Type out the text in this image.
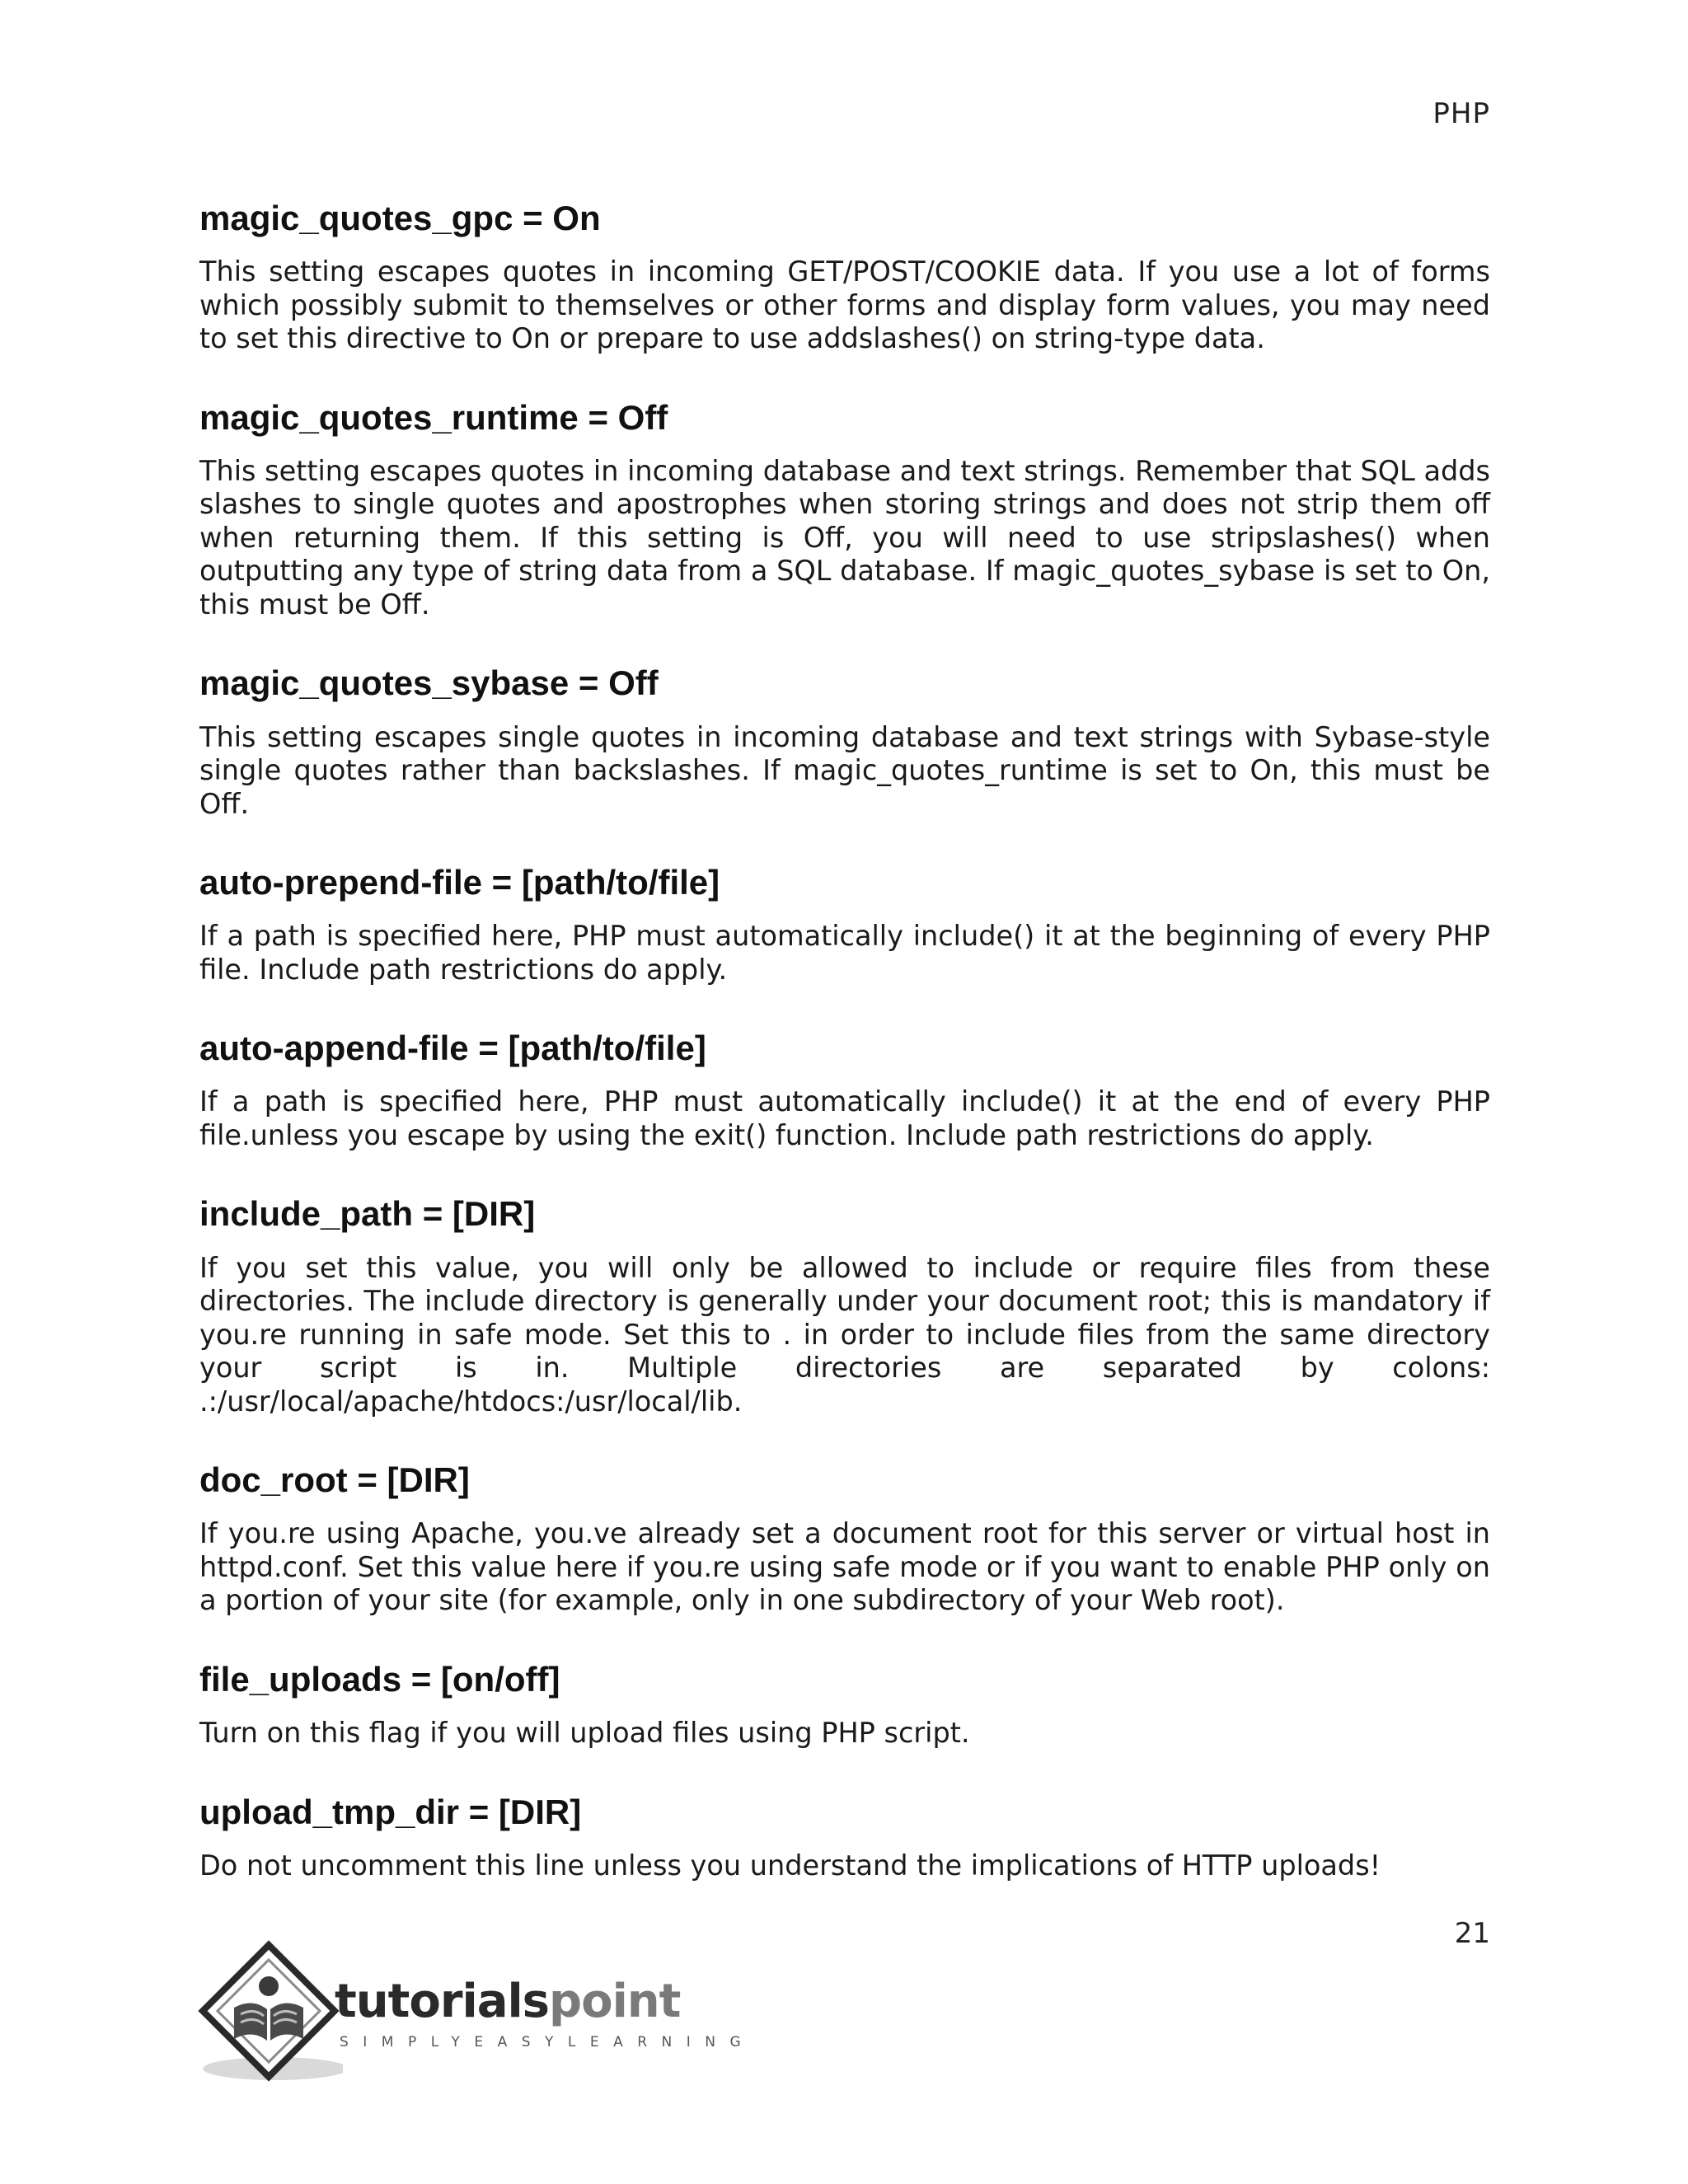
PHP
magic_quotes_gpc = On

This setting escapes quotes in incoming GET/POST/COOKIE data. If you use a lot of forms which possibly submit to themselves or other forms and display form values, you may need to set this directive to On or prepare to use addslashes() on string-type data.

magic_quotes_runtime = Off

This setting escapes quotes in incoming database and text strings. Remember that SQL adds slashes to single quotes and apostrophes when storing strings and does not strip them off when returning them. If this setting is Off, you will need to use stripslashes() when outputting any type of string data from a SQL database. If magic_quotes_sybase is set to On, this must be Off.

magic_quotes_sybase = Off

This setting escapes single quotes in incoming database and text strings with Sybase-style single quotes rather than backslashes. If magic_quotes_runtime is set to On, this must be Off.

auto-prepend-file = [path/to/file]

If a path is specified here, PHP must automatically include() it at the beginning of every PHP file. Include path restrictions do apply.

auto-append-file = [path/to/file]

If a path is specified here, PHP must automatically include() it at the end of every PHP file.unless you escape by using the exit() function. Include path restrictions do apply.

include_path = [DIR]

If you set this value, you will only be allowed to include or require files from these directories. The include directory is generally under your document root; this is mandatory if you.re running in safe mode. Set this to . in order to include files from the same directory your script is in. Multiple directories are separated by colons: .:/usr/local/apache/htdocs:/usr/local/lib.

doc_root = [DIR]

If you.re using Apache, you.ve already set a document root for this server or virtual host in httpd.conf. Set this value here if you.re using safe mode or if you want to enable PHP only on a portion of your site (for example, only in one subdirectory of your Web root).

file_uploads = [on/off]

Turn on this flag if you will upload files using PHP script.

upload_tmp_dir = [DIR]

Do not uncomment this line unless you understand the implications of HTTP uploads!

21
tutorialspoint
SIMPLYEASYLEARNING
